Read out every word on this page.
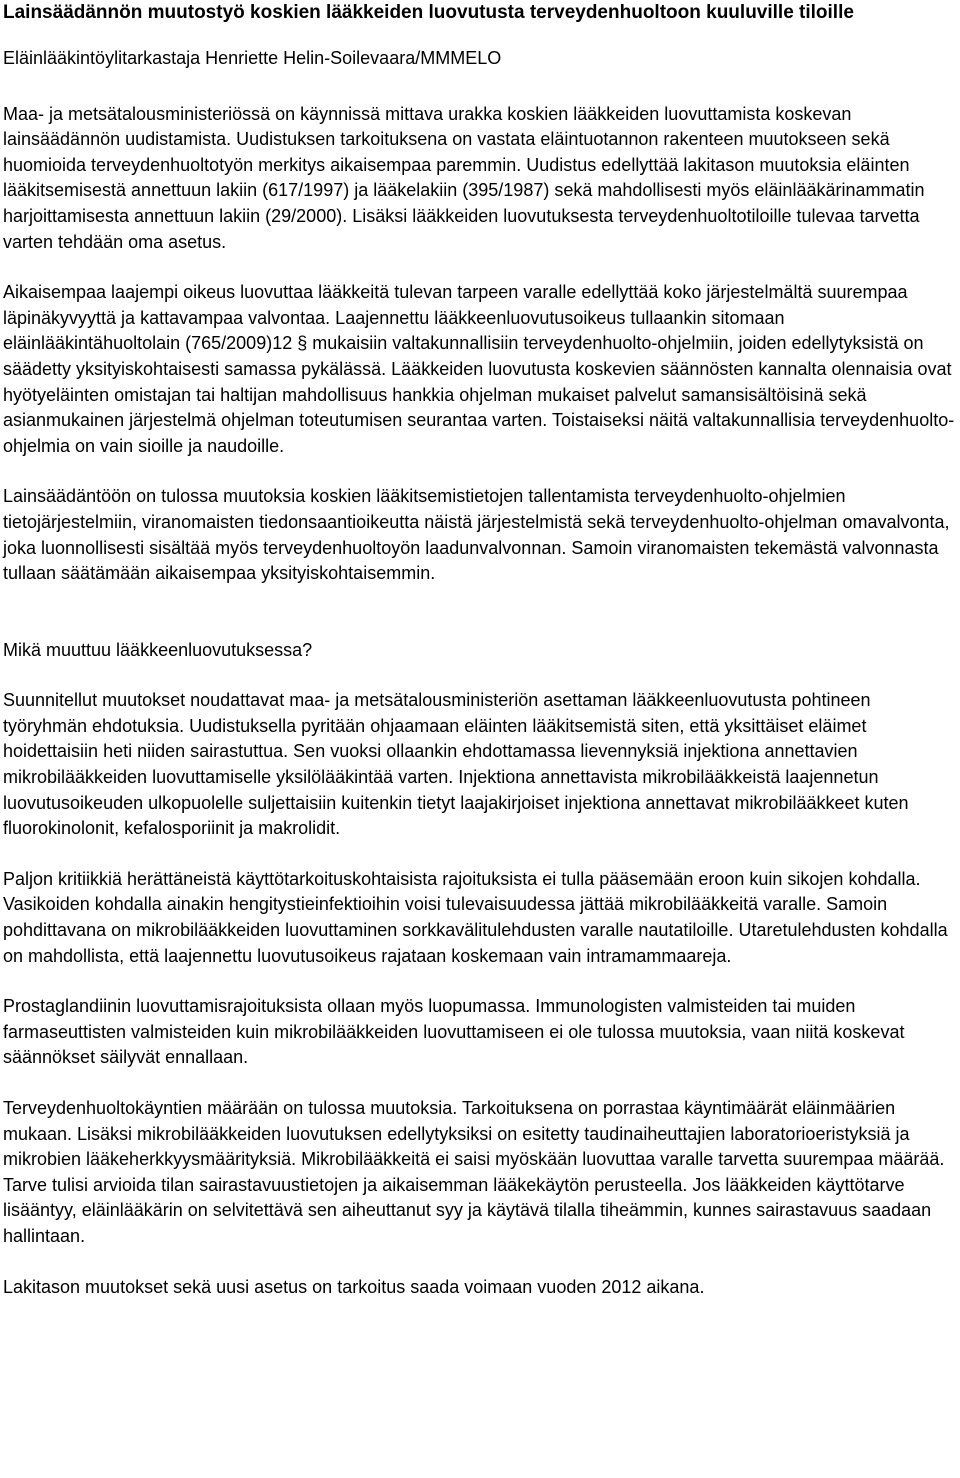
Lainsäädännön muutostyö koskien lääkkeiden luovutusta terveydenhuoltoon kuuluville tiloille

Eläinlääkintöylitarkastaja Henriette Helin-Soilevaara/MMMELO

Maa- ja metsätalousministeriössä on käynnissä mittava urakka koskien lääkkeiden luovuttamista koskevan lainsäädännön uudistamista. Uudistuksen tarkoituksena on vastata eläintuotannon rakenteen muutokseen sekä huomioida terveydenhuoltotyön merkitys aikaisempaa paremmin. Uudistus edellyttää lakitason muutoksia eläinten lääkitsemisestä annettuun lakiin (617/1997) ja lääkelakiin (395/1987) sekä mahdollisesti myös eläinlääkärinammatin harjoittamisesta annettuun lakiin (29/2000). Lisäksi lääkkeiden luovutuksesta terveydenhuoltotiloille tulevaa tarvetta varten tehdään oma asetus.

Aikaisempaa laajempi oikeus luovuttaa lääkkeitä tulevan tarpeen varalle edellyttää koko järjestelmältä suurempaa läpinäkyvyyttä ja kattavampaa valvontaa. Laajennettu lääkkeenluovutusoikeus tullaankin sitomaan eläinlääkintähuoltolain (765/2009)12 § mukaisiin valtakunnallisiin terveydenhuolto-ohjelmiin, joiden edellytyksistä on säädetty yksityiskohtaisesti samassa pykälässä. Lääkkeiden luovutusta koskevien säännösten kannalta olennaisia ovat hyötyeläinten omistajan tai haltijan mahdollisuus hankkia ohjelman mukaiset palvelut samansisältöisinä sekä asianmukainen järjestelmä ohjelman toteutumisen seurantaa varten. Toistaiseksi näitä valtakunnallisia terveydenhuolto-ohjelmia on vain sioille ja naudoille.

Lainsäädäntöön on tulossa muutoksia koskien lääkitsemistietojen tallentamista terveydenhuolto-ohjelmien tietojärjestelmiin, viranomaisten tiedonsaantioikeutta näistä järjestelmistä sekä terveydenhuolto-ohjelman omavalvonta, joka luonnollisesti sisältää myös terveydenhuoltoyön laadunvalvonnan. Samoin viranomaisten tekemästä valvonnasta tullaan säätämään aikaisempaa yksityiskohtaisemmin.

Mikä muuttuu lääkkeenluovutuksessa?

Suunnitellut muutokset noudattavat maa- ja metsätalousministeriön asettaman lääkkeenluovutusta pohtineen työryhmän ehdotuksia. Uudistuksella pyritään ohjaamaan eläinten lääkitsemistä siten, että yksittäiset eläimet hoidettaisiin heti niiden sairastuttua. Sen vuoksi ollaankin ehdottamassa lievennyksiä injektiona annettavien mikrobilääkkeiden luovuttamiselle yksilölääkintää varten. Injektiona annettavista mikrobilääkkeistä laajennetun luovutusoikeuden ulkopuolelle suljettaisiin kuitenkin tietyt laajakirjoiset injektiona annettavat mikrobilääkkeet kuten fluorokinolonit, kefalosporiinit ja makrolidit.

Paljon kritiikkiä herättäneistä käyttötarkoituskohtaisista rajoituksista ei tulla pääsemään eroon kuin sikojen kohdalla. Vasikoiden kohdalla ainakin hengitystieinfektioihin voisi tulevaisuudessa jättää mikrobilääkkeitä varalle. Samoin pohdittavana on mikrobilääkkeiden luovuttaminen sorkkavälitulehdusten varalle nautatiloille. Utaretulehdusten kohdalla on mahdollista, että laajennettu luovutusoikeus rajataan koskemaan vain intramammaareja.

Prostaglandiinin luovuttamisrajoituksista ollaan myös luopumassa. Immunologisten valmisteiden tai muiden farmaseuttisten valmisteiden kuin mikrobilääkkeiden luovuttamiseen ei ole tulossa muutoksia, vaan niitä koskevat säännökset säilyvät ennallaan.

Terveydenhuoltokäyntien määrään on tulossa muutoksia. Tarkoituksena on porrastaa käyntimäärät eläinmäärien mukaan. Lisäksi mikrobilääkkeiden luovutuksen edellytyksiksi on esitetty taudinaiheuttajien laboratorioeristyksiä ja mikrobien lääkeherkkyysmäärityksiä. Mikrobilääkkeitä ei saisi myöskään luovuttaa varalle tarvetta suurempaa määrää. Tarve tulisi arvioida tilan sairastavuustietojen ja aikaisemman lääkekäytön perusteella. Jos lääkkeiden käyttötarve lisääntyy, eläinlääkärin on selvitettävä sen aiheuttanut syy ja käytävä tilalla tiheämmin, kunnes sairastavuus saadaan hallintaan.

Lakitason muutokset sekä uusi asetus on tarkoitus saada voimaan vuoden 2012 aikana.
